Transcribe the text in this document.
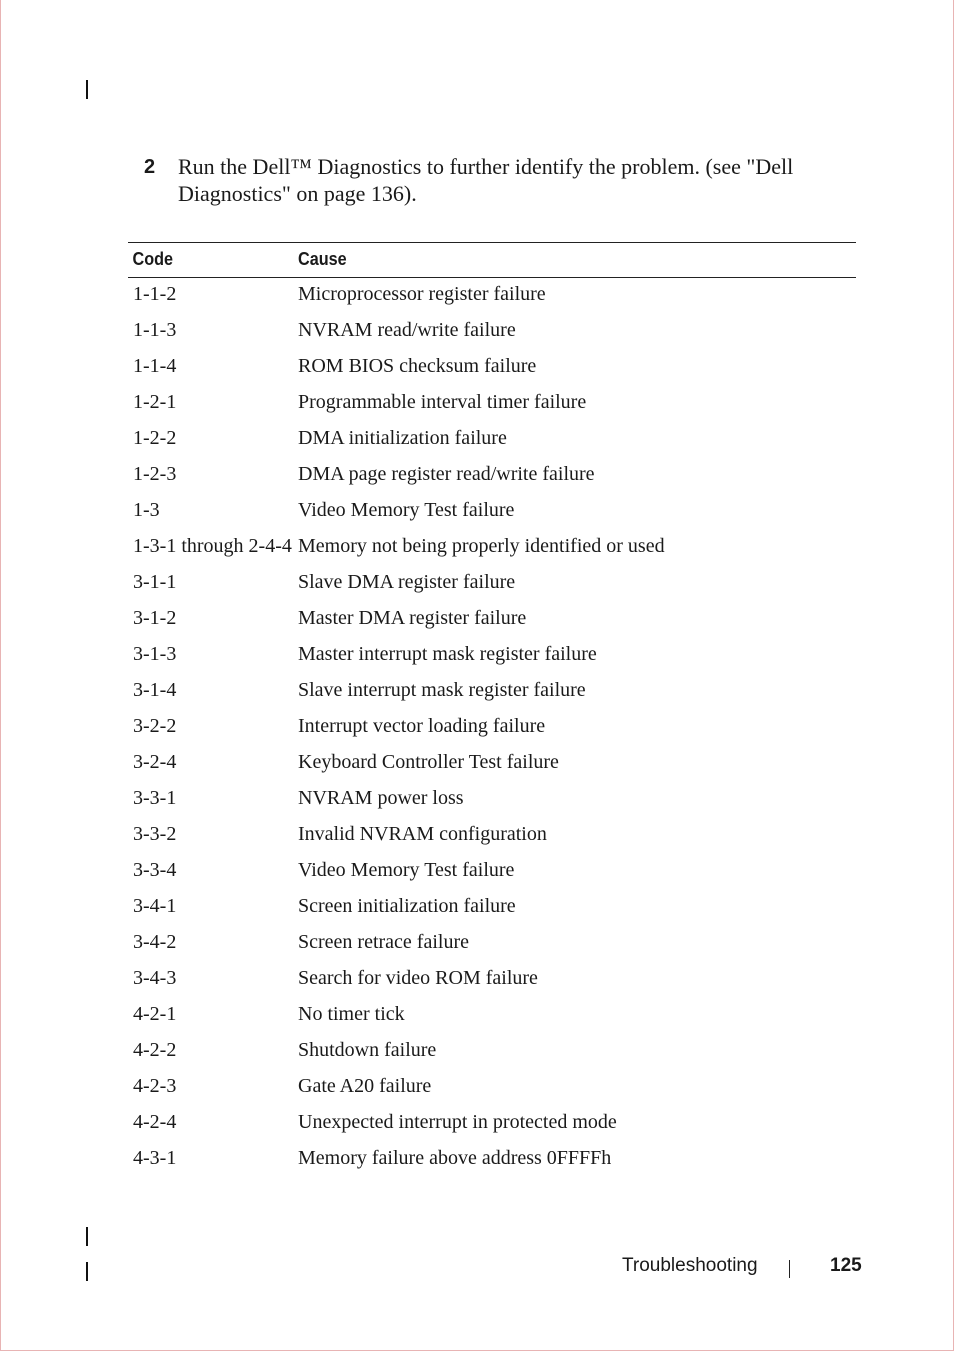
2 Run the Dell™ Diagnostics to further identify the problem. (see "Dell Diagnostics" on page 136).
Code	Cause
1-1-2	Microprocessor register failure
1-1-3	NVRAM read/write failure
1-1-4	ROM BIOS checksum failure
1-2-1	Programmable interval timer failure
1-2-2	DMA initialization failure
1-2-3	DMA page register read/write failure
1-3	Video Memory Test failure
1-3-1 through 2-4-4	Memory not being properly identified or used
3-1-1	Slave DMA register failure
3-1-2	Master DMA register failure
3-1-3	Master interrupt mask register failure
3-1-4	Slave interrupt mask register failure
3-2-2	Interrupt vector loading failure
3-2-4	Keyboard Controller Test failure
3-3-1	NVRAM power loss
3-3-2	Invalid NVRAM configuration
3-3-4	Video Memory Test failure
3-4-1	Screen initialization failure
3-4-2	Screen retrace failure
3-4-3	Search for video ROM failure
4-2-1	No timer tick
4-2-2	Shutdown failure
4-2-3	Gate A20 failure
4-2-4	Unexpected interrupt in protected mode
4-3-1	Memory failure above address 0FFFFh
Troubleshooting	125
